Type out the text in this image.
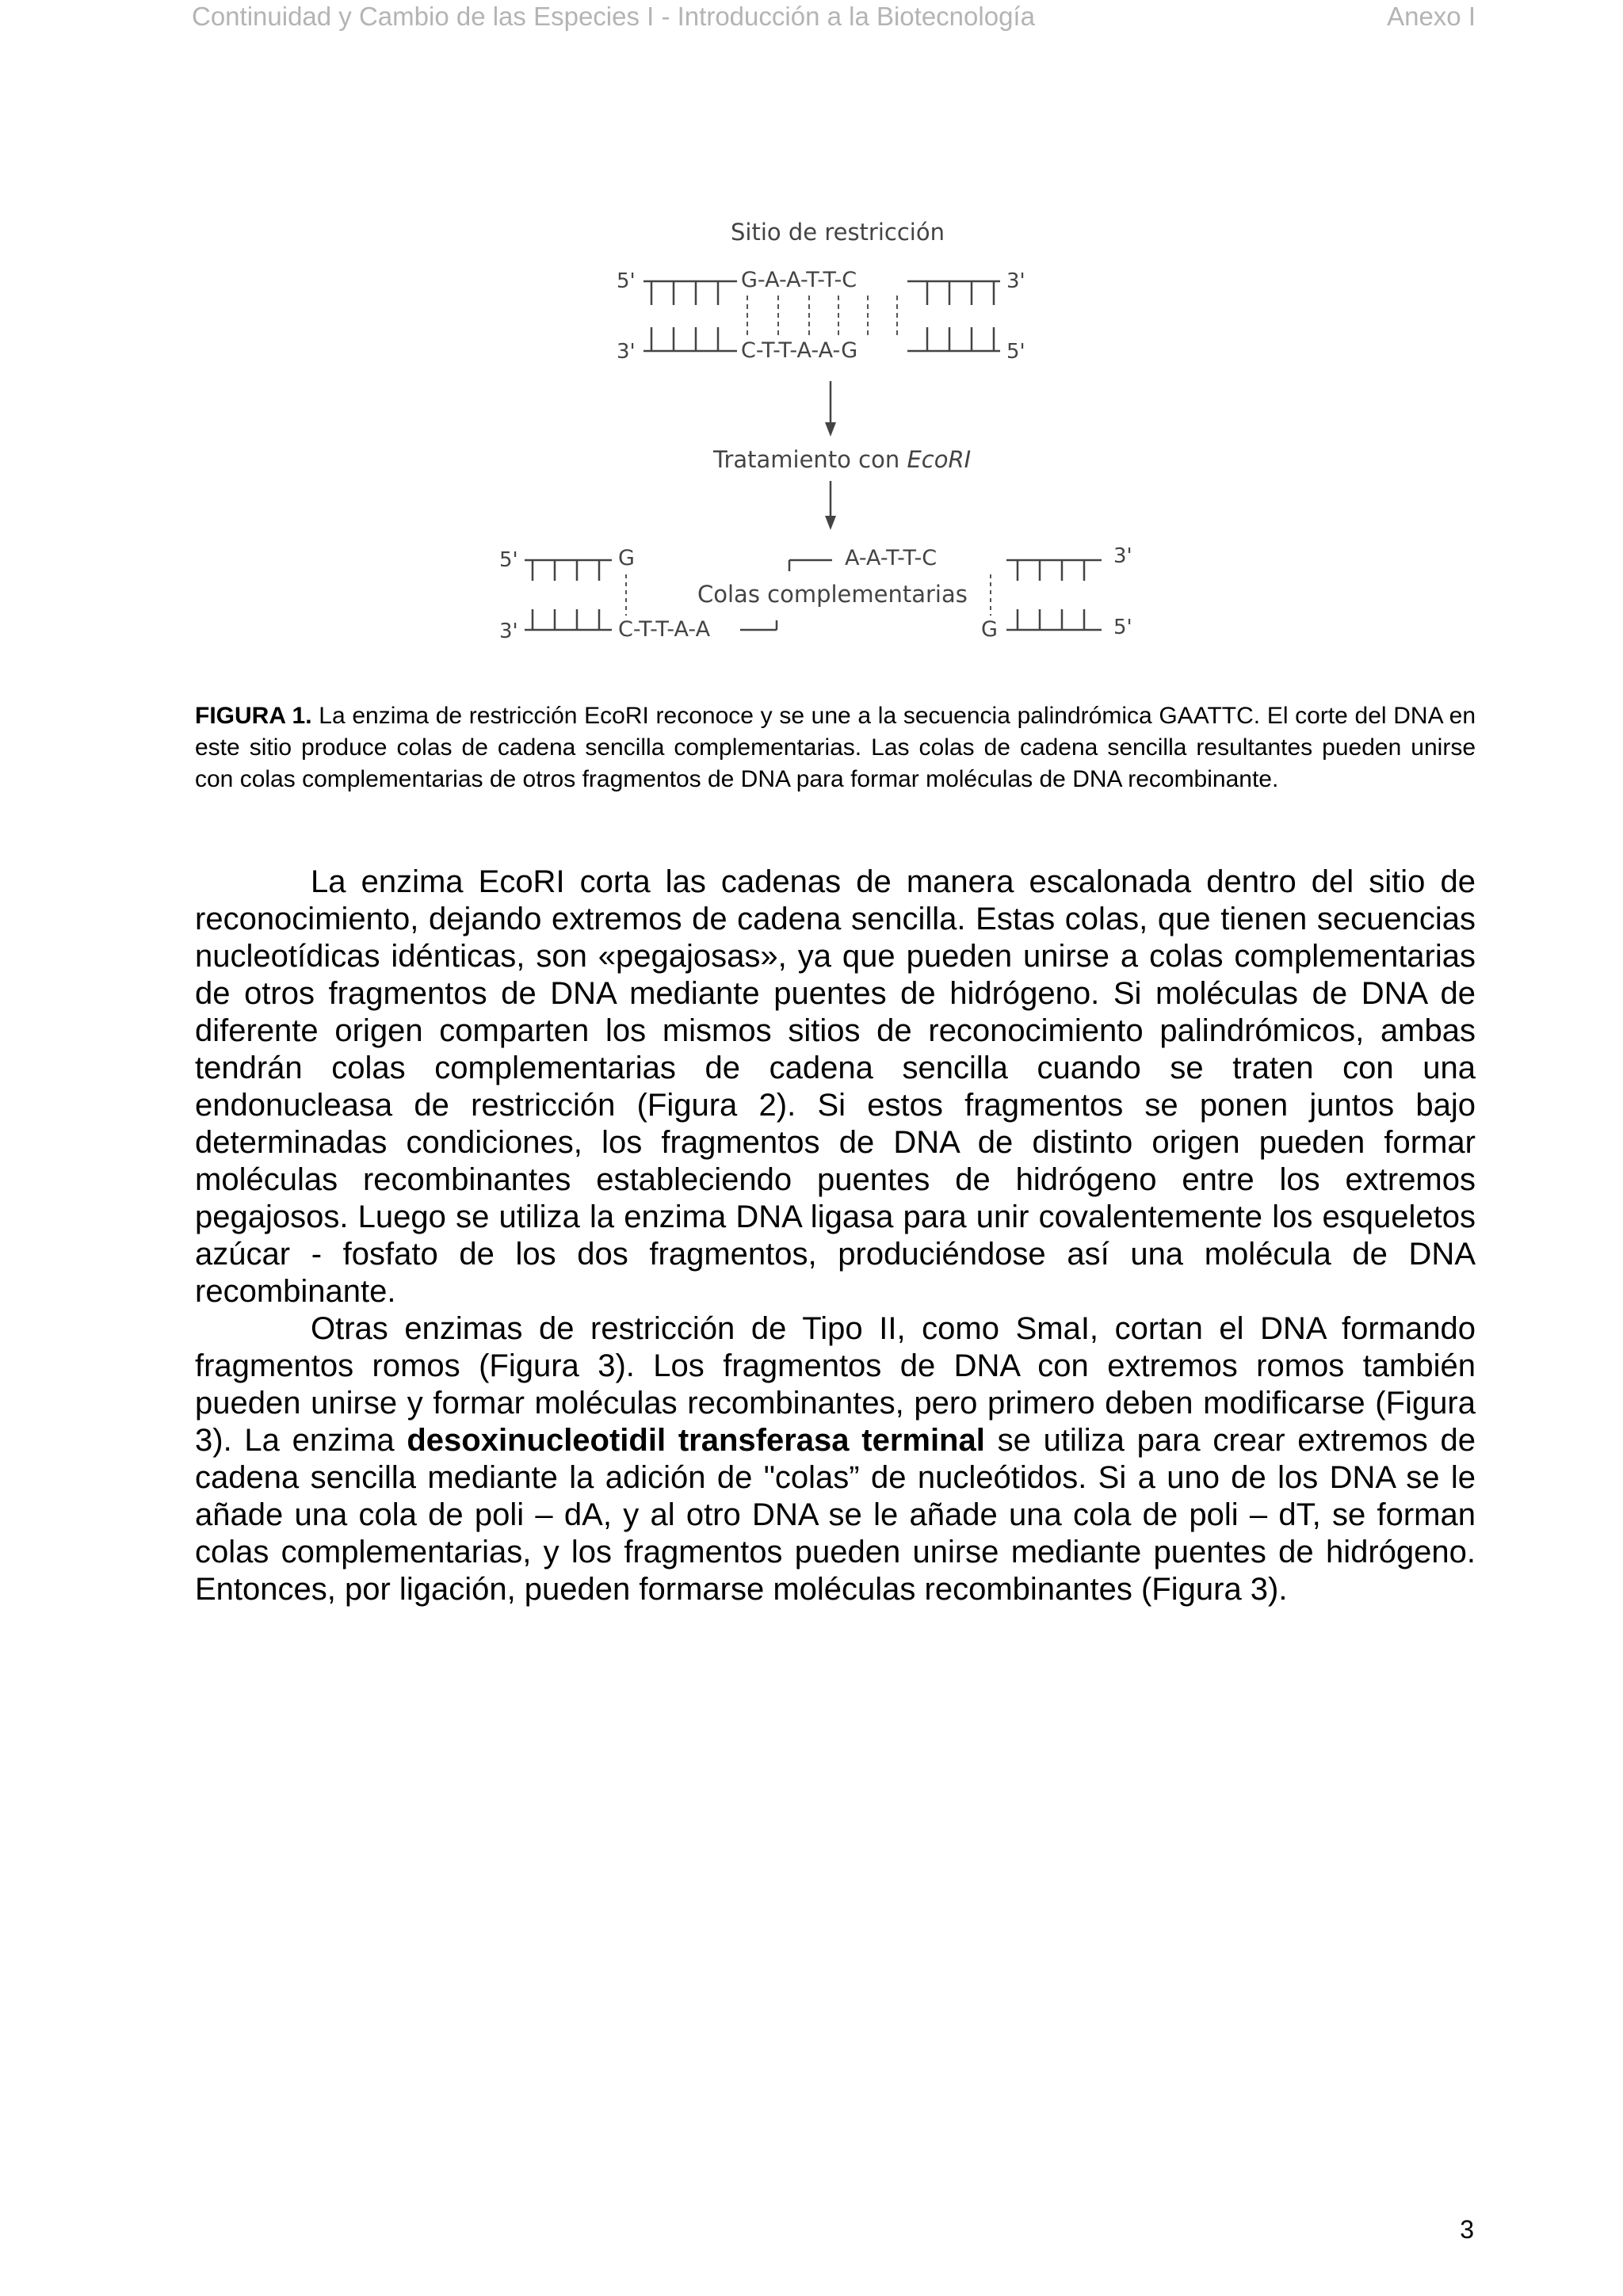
Continuidad y Cambio de las Especies I - Introducción a la Biotecnología	Anexo I
Sitio de restricción
5'	3'
G-A-A-T-T-C
3'	5'
C-T-T-A-A-G
Tratamiento con EcoRI
5'
3'
G
C-T-T-A-A
Colas complementarias
A-A-T-T-C
G
3'
5'
FIGURA 1. La enzima de restricción EcoRI reconoce y se une a la secuencia palindrómica GAATTC. El corte del DNA en este sitio produce colas de cadena sencilla complementarias. Las colas de cadena sencilla resultantes pueden unirse con colas complementarias de otros fragmentos de DNA para formar moléculas de DNA recombinante.

La enzima EcoRI corta las cadenas de manera escalonada dentro del sitio de reconocimiento, dejando extremos de cadena sencilla. Estas colas, que tienen secuencias nucleotídicas idénticas, son «pegajosas», ya que pueden unirse a colas complementarias de otros fragmentos de DNA mediante puentes de hidrógeno. Si moléculas de DNA de diferente origen comparten los mismos sitios de reconocimiento palindrómicos, ambas tendrán colas complementarias de cadena sencilla cuando se traten con una endonucleasa de restricción (Figura 2). Si estos fragmentos se ponen juntos bajo determinadas condiciones, los fragmentos de DNA de distinto origen pueden formar moléculas recombinantes estableciendo puentes de hidrógeno entre los extremos pegajosos. Luego se utiliza la enzima DNA ligasa para unir covalentemente los esqueletos azúcar - fosfato de los dos fragmentos, produciéndose así una molécula de DNA recombinante.

Otras enzimas de restricción de Tipo II, como SmaI, cortan el DNA formando fragmentos romos (Figura 3). Los fragmentos de DNA con extremos romos también pueden unirse y formar moléculas recombinantes, pero primero deben modificarse (Figura 3). La enzima desoxinucleotidil transferasa terminal se utiliza para crear extremos de cadena sencilla mediante la adición de "colas” de nucleótidos. Si a uno de los DNA se le añade una cola de poli – dA, y al otro DNA se le añade una cola de poli – dT, se forman colas complementarias, y los fragmentos pueden unirse mediante puentes de hidrógeno. Entonces, por ligación, pueden formarse moléculas recombinantes (Figura 3).

3
